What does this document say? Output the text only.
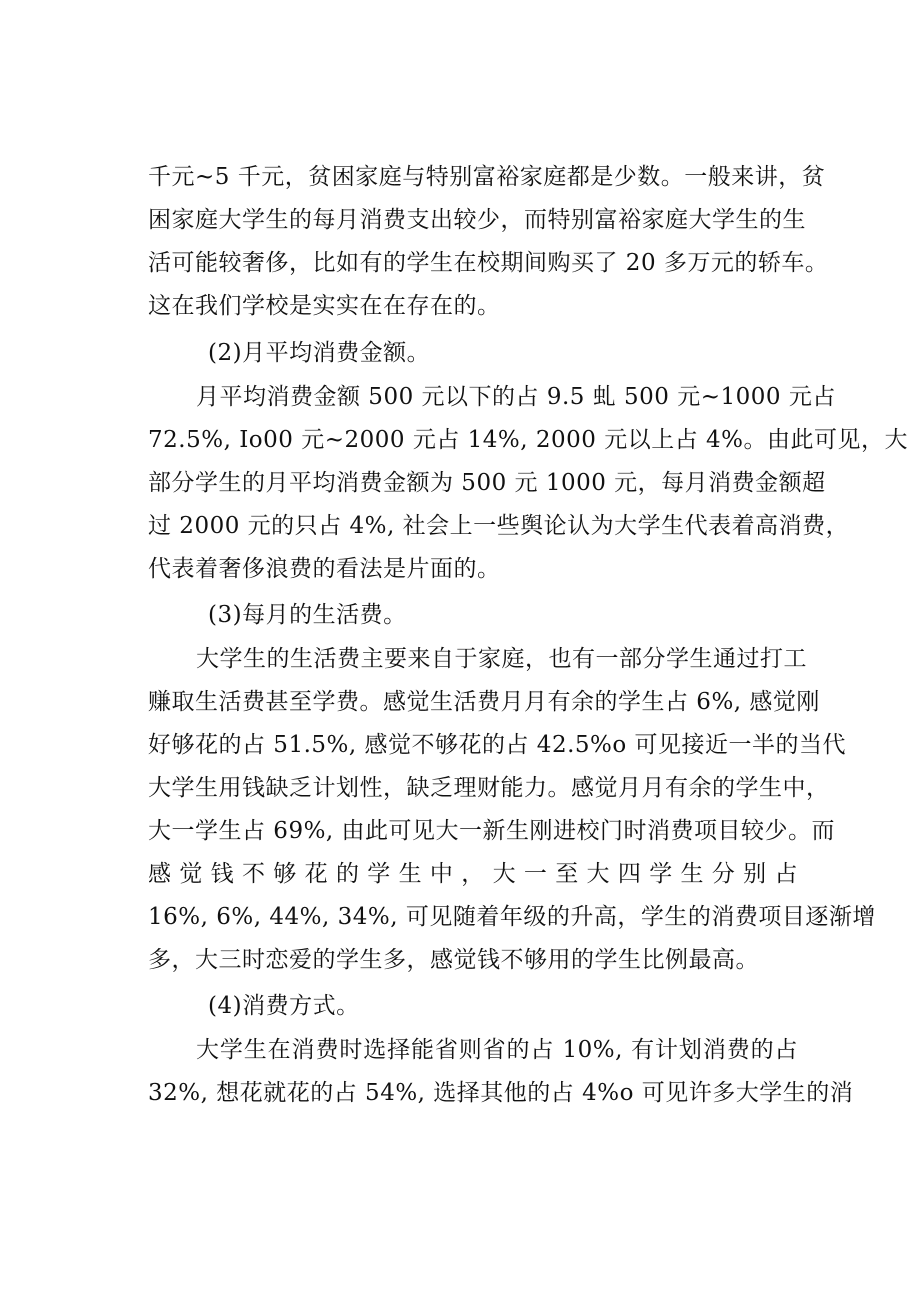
千元~5 千元，贫困家庭与特别富裕家庭都是少数。一般来讲，贫
困家庭大学生的每月消费支出较少，而特别富裕家庭大学生的生
活可能较奢侈，比如有的学生在校期间购买了 20 多万元的轿车。
这在我们学校是实实在在存在的。
(2)月平均消费金额。
月平均消费金额 500 元以下的占 9.5 虬 500 元~1000 元占
72.5%, Io00 元~2000 元占 14%, 2000 元以上占 4%。由此可见，大
部分学生的月平均消费金额为 500 元 1000 元，每月消费金额超
过 2000 元的只占 4%, 社会上一些舆论认为大学生代表着高消费，
代表着奢侈浪费的看法是片面的。
(3)每月的生活费。
大学生的生活费主要来自于家庭，也有一部分学生通过打工
赚取生活费甚至学费。感觉生活费月月有余的学生占 6%, 感觉刚
好够花的占 51.5%, 感觉不够花的占 42.5%o 可见接近一半的当代
大学生用钱缺乏计划性，缺乏理财能力。感觉月月有余的学生中，
大一学生占 69%, 由此可见大一新生刚进校门时消费项目较少。而
感 觉 钱 不 够 花 的 学 生 中 ， 大 一 至 大 四 学 生 分 别 占
16%, 6%, 44%, 34%, 可见随着年级的升高，学生的消费项目逐渐增
多，大三时恋爱的学生多，感觉钱不够用的学生比例最高。
(4)消费方式。
大学生在消费时选择能省则省的占 10%, 有计划消费的占
32%, 想花就花的占 54%, 选择其他的占 4%o 可见许多大学生的消
